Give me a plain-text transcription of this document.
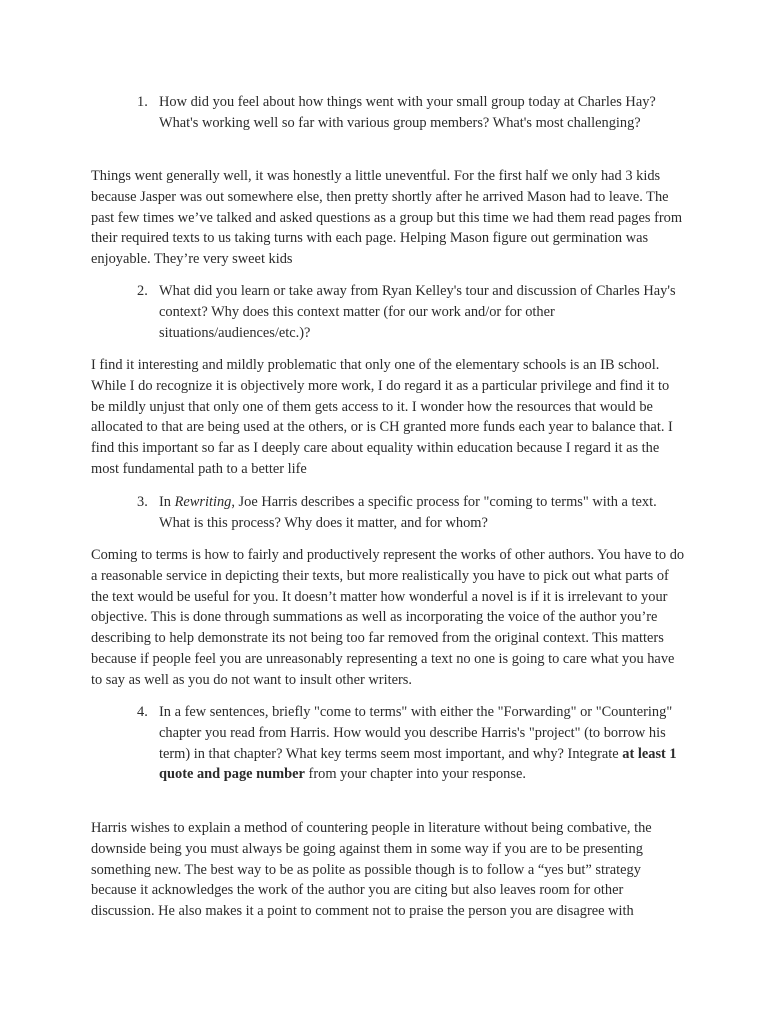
1. How did you feel about how things went with your small group today at Charles Hay? What's working well so far with various group members? What's most challenging?
Things went generally well, it was honestly a little uneventful. For the first half we only had 3 kids because Jasper was out somewhere else, then pretty shortly after he arrived Mason had to leave. The past few times we’ve talked and asked questions as a group but this time we had them read pages from their required texts to us taking turns with each page. Helping Mason figure out germination was enjoyable. They’re very sweet kids
2. What did you learn or take away from Ryan Kelley's tour and discussion of Charles Hay's context? Why does this context matter (for our work and/or for other situations/audiences/etc.)?
I find it interesting and mildly problematic that only one of the elementary schools is an IB school. While I do recognize it is objectively more work, I do regard it as a particular privilege and find it to be mildly unjust that only one of them gets access to it. I wonder how the resources that would be allocated to that are being used at the others, or is CH granted more funds each year to balance that. I find this important so far as I deeply care about equality within education because I regard it as the most fundamental path to a better life
3. In Rewriting, Joe Harris describes a specific process for "coming to terms" with a text. What is this process? Why does it matter, and for whom?
Coming to terms is how to fairly and productively represent the works of other authors. You have to do a reasonable service in depicting their texts, but more realistically you have to pick out what parts of the text would be useful for you. It doesn’t matter how wonderful a novel is if it is irrelevant to your objective. This is done through summations as well as incorporating the voice of the author you’re describing to help demonstrate its not being too far removed from the original context. This matters because if people feel you are unreasonably representing a text no one is going to care what you have to say as well as you do not want to insult other writers.
4. In a few sentences, briefly "come to terms" with either the "Forwarding" or "Countering" chapter you read from Harris. How would you describe Harris's "project" (to borrow his term) in that chapter? What key terms seem most important, and why? Integrate at least 1 quote and page number from your chapter into your response.
Harris wishes to explain a method of countering people in literature without being combative, the downside being you must always be going against them in some way if you are to be presenting something new. The best way to be as polite as possible though is to follow a “yes but” strategy because it acknowledges the work of the author you are citing but also leaves room for other discussion. He also makes it a point to comment not to praise the person you are disagree with
